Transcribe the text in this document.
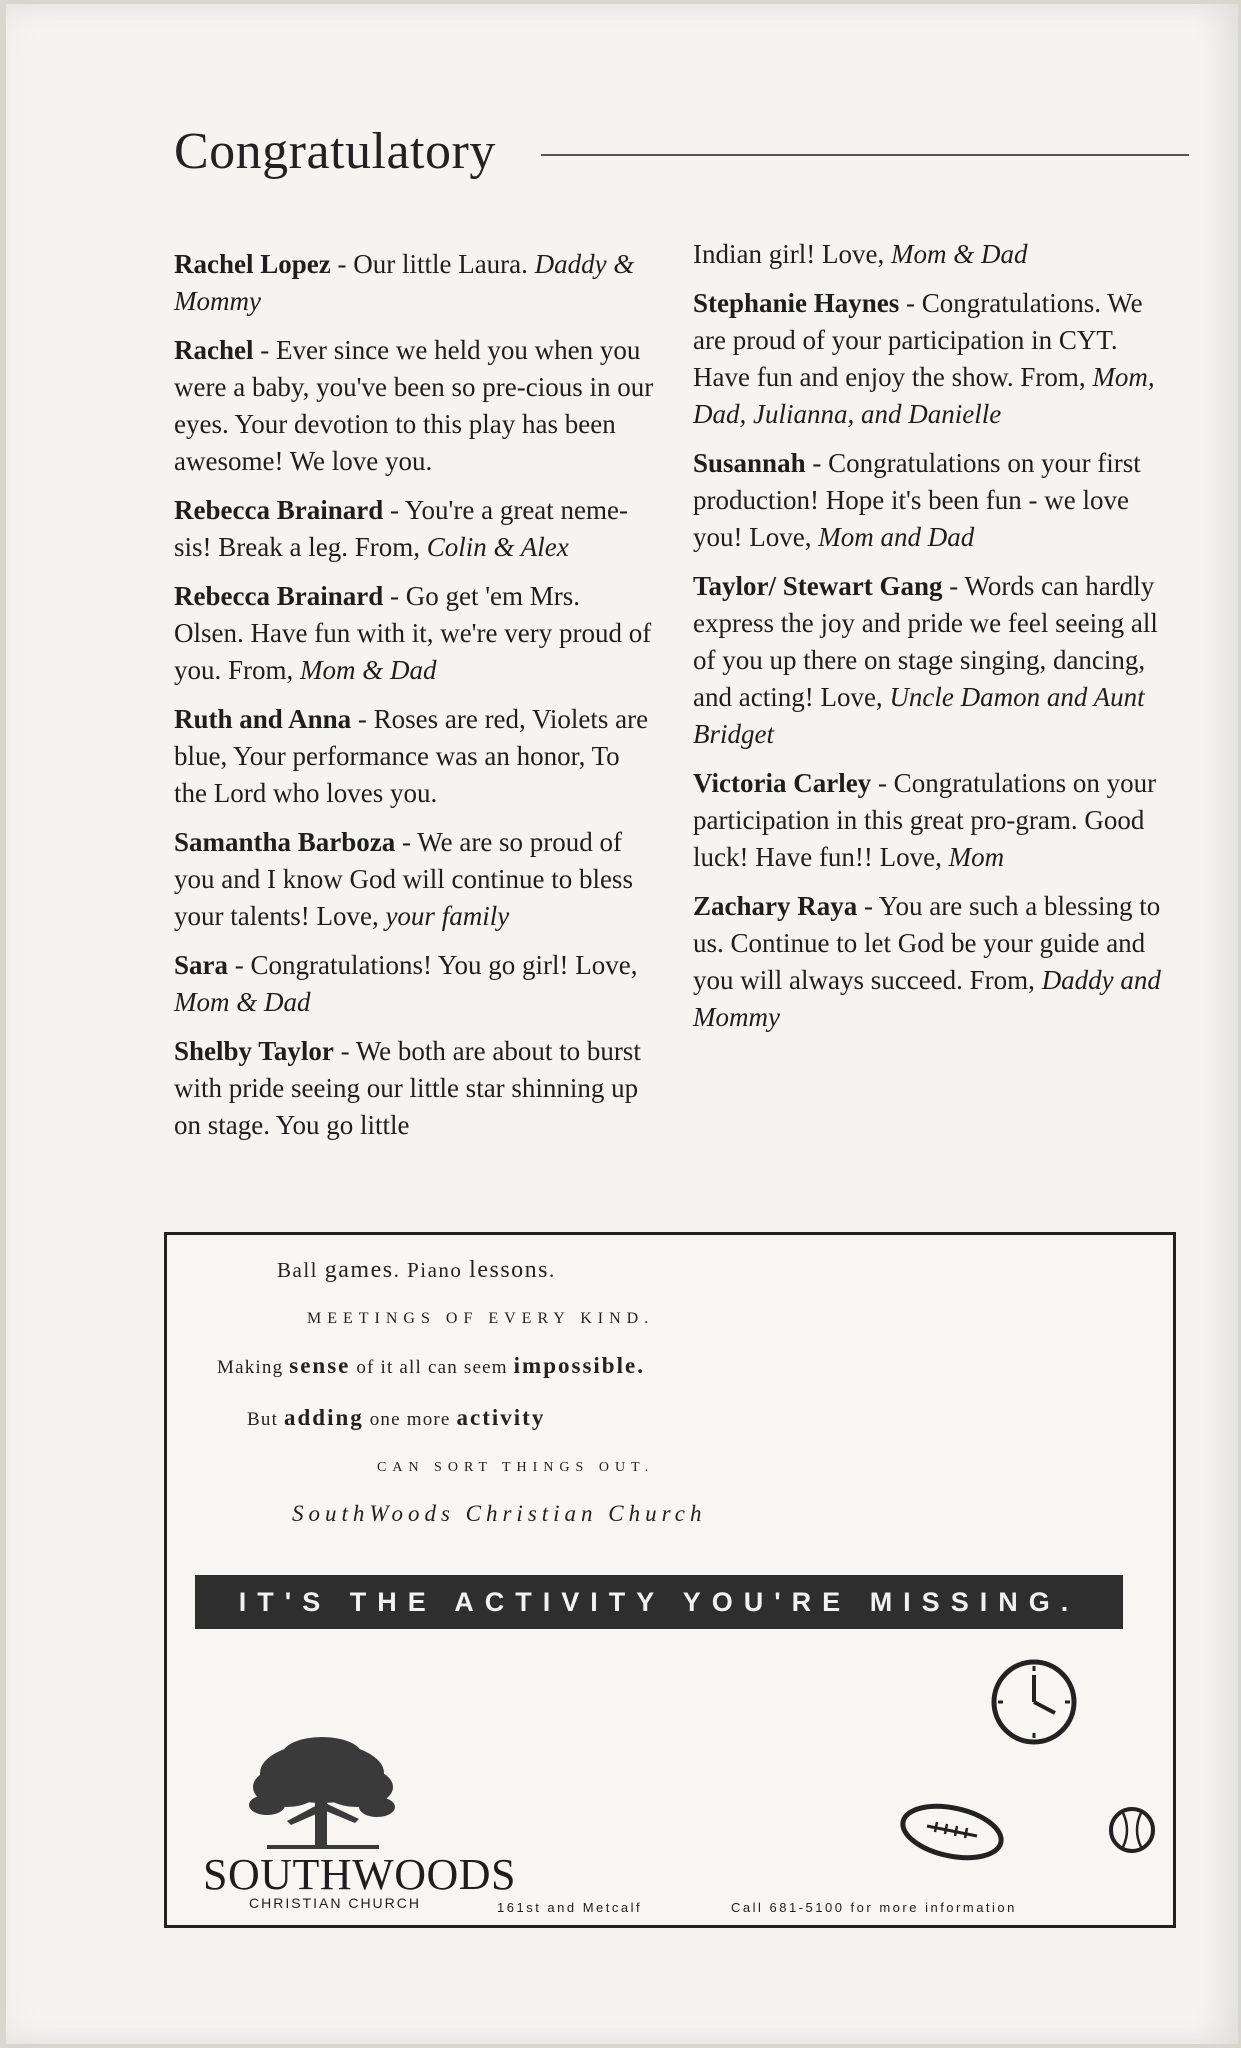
Congratulatory

Rachel Lopez - Our little Laura. Daddy & Mommy

Rachel - Ever since we held you when you were a baby, you've been so pre-cious in our eyes. Your devotion to this play has been awesome! We love you.

Rebecca Brainard - You're a great neme-sis! Break a leg. From, Colin & Alex

Rebecca Brainard - Go get 'em Mrs. Olsen. Have fun with it, we're very proud of you. From, Mom & Dad

Ruth and Anna - Roses are red, Violets are blue, Your performance was an honor, To the Lord who loves you.

Samantha Barboza - We are so proud of you and I know God will continue to bless your talents! Love, your family

Sara - Congratulations! You go girl! Love, Mom & Dad

Shelby Taylor - We both are about to burst with pride seeing our little star shinning up on stage. You go little

Indian girl! Love, Mom & Dad

Stephanie Haynes - Congratulations. We are proud of your participation in CYT. Have fun and enjoy the show. From, Mom, Dad, Julianna, and Danielle

Susannah - Congratulations on your first production! Hope it's been fun - we love you! Love, Mom and Dad

Taylor/ Stewart Gang - Words can hardly express the joy and pride we feel seeing all of you up there on stage singing, dancing, and acting! Love, Uncle Damon and Aunt Bridget

Victoria Carley - Congratulations on your participation in this great pro-gram. Good luck! Have fun!! Love, Mom

Zachary Raya - You are such a blessing to us. Continue to let God be your guide and you will always succeed. From, Daddy and Mommy

Ball games. Piano lessons.
MEETINGS OF EVERY KIND.
Making sense of it all can seem impossible.
But adding one more activity
CAN SORT THINGS OUT.
SouthWoods Christian Church
IT'S THE ACTIVITY YOU'RE MISSING.
SOUTHWOODS
CHRISTIAN CHURCH	161st and Metcalf	Call 681-5100 for more information
